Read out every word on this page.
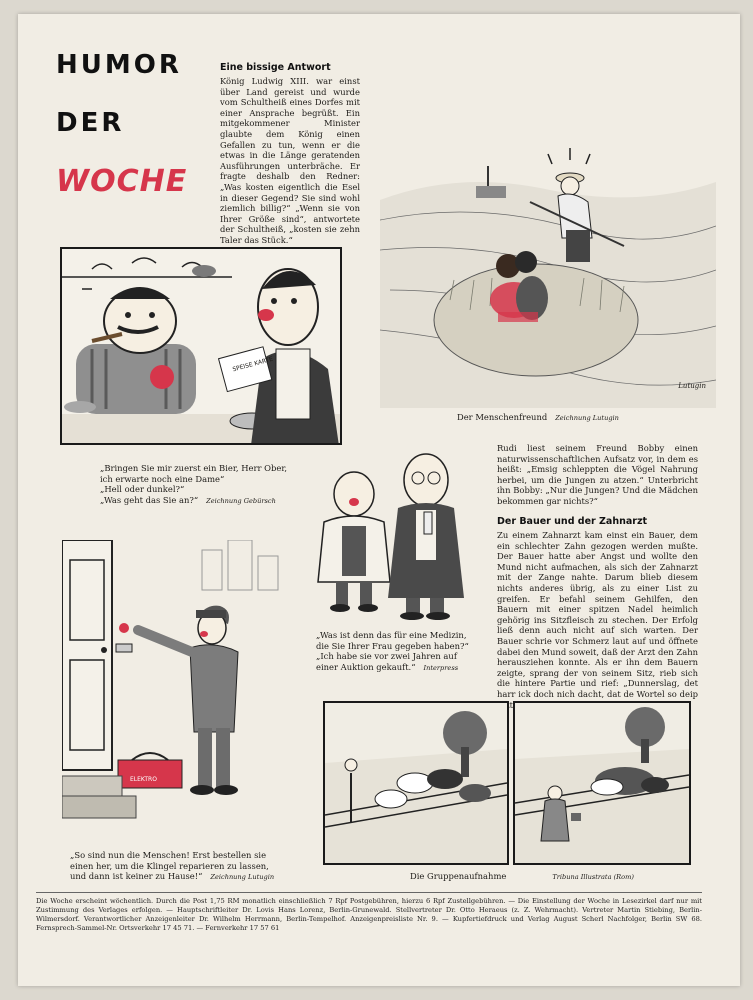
HUMOR
DER
WOCHE
Eine bissige Antwort
König Ludwig XIII. war einst über Land gereist und wurde vom Schultheiß eines Dorfes mit einer Ansprache begrüßt. Ein mitgekommener Minister glaubte dem König einen Gefallen zu tun, wenn er die etwas in die Länge geratenden Ausführungen unterbräche. Er fragte deshalb den Redner: „Was kosten eigentlich die Esel in dieser Gegend? Sie sind wohl ziemlich billig?“ „Wenn sie von Ihrer Größe sind“, antwortete der Schultheiß, „kosten sie zehn Taler das Stück.“
SPEISE KARTE
„Bringen Sie mir zuerst ein Bier, Herr Ober,
ich erwarte noch eine Dame“
„Hell oder dunkel?“
„Was geht das Sie an?“ Zeichnung Gebürsch
Lutugin
Der Menschenfreund Zeichnung Lutugin
Rudi liest seinem Freund Bobby einen naturwissenschaftlichen Aufsatz vor, in dem es heißt: „Emsig schleppten die Vögel Nahrung herbei, um die Jungen zu atzen.“ Unterbricht ihn Bobby: „Nur die Jungen? Und die Mädchen bekommen gar nichts?“
„Was ist denn das für eine Medizin,
die Sie Ihrer Frau gegeben haben?“
„Ich habe sie vor zwei Jahren auf
einer Auktion gekauft.“ Interpress
Der Bauer und der Zahnarzt
Zu einem Zahnarzt kam einst ein Bauer, dem ein schlechter Zahn gezogen werden mußte. Der Bauer hatte aber Angst und wollte den Mund nicht aufmachen, als sich der Zahnarzt mit der Zange nahte. Darum blieb diesem nichts anderes übrig, als zu einer List zu greifen. Er befahl seinem Gehilfen, den Bauern mit einer spitzen Nadel heimlich gehörig ins Sitzfleisch zu stechen. Der Erfolg ließ denn auch nicht auf sich warten. Der Bauer schrie vor Schmerz laut auf und öffnete dabei den Mund soweit, daß der Arzt den Zahn herausziehen konnte. Als er ihn dem Bauern zeigte, sprang der von seinem Sitz, rieb sich die hintere Partie und rief: „Dunnerslag, det harr ick doch nich dacht, dat de Wortel so deip
ELEKTRO
„So sind nun die Menschen! Erst bestellen sie
einen her, um die Klingel reparieren zu lassen,
und dann ist keiner zu Hause!“ Zeichnung Lutugin	Die Gruppenaufnahme	Tribuna Illustrata (Rom)
Die Woche erscheint wöchentlich. Durch die Post 1,75 RM monatlich einschließlich 7 Rpf Postgebühren, hierzu 6 Rpf Zustellgebühren. — Die Einstellung der Woche in Lesezirkel darf nur mit Zustimmung des Verlages erfolgen. — Hauptschriftleiter Dr. Lovis Hans Lorenz, Berlin-Grunewald. Stellvertreter Dr. Otto Heraeus (z. Z. Wehrmacht). Vertreter Martin Stiebing, Berlin-Wilmersdorf. Verantwortlicher Anzeigenleiter Dr. Wilhelm Herrmann, Berlin-Tempelhof. Anzeigenpreisliste Nr. 9. — Kupfertiefdruck und Verlag August Scherl Nachfolger, Berlin SW 68. Fernsprech-Sammel-Nr. Ortsverkehr 17 45 71. — Fernverkehr 17 57 61
